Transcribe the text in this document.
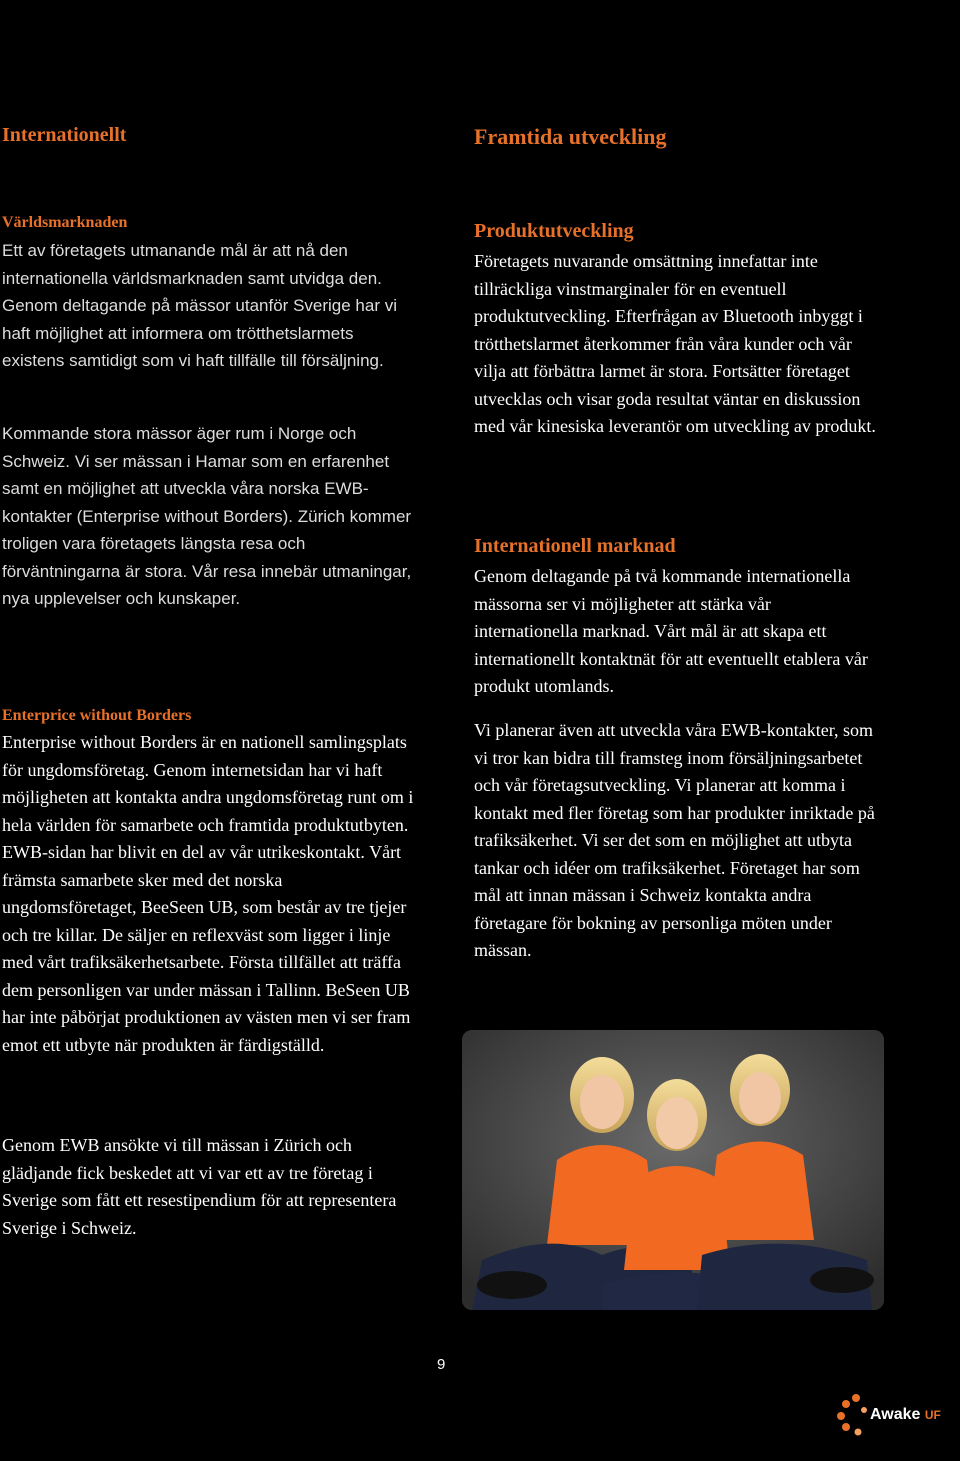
Internationellt
Världsmarknaden

Ett av företagets utmanande mål är att nå den internationella världsmarknaden samt utvidga den. Genom deltagande på mässor utanför Sverige har vi haft möjlighet att informera om trötthetslarmets existens samtidigt som vi haft tillfälle till försäljning.

Kommande stora mässor äger rum i Norge och Schweiz. Vi ser mässan i Hamar som en erfarenhet samt en möjlighet att utveckla våra norska EWB-kontakter (Enterprise without Borders). Zürich kommer troligen vara företagets längsta resa och förväntningarna är stora. Vår resa innebär utmaningar, nya upplevelser och kunskaper.

Enterprice without Borders

Enterprise without Borders är en nationell samlingsplats för ungdomsföretag. Genom internetsidan har vi haft möjligheten att kontakta andra ungdomsföretag runt om i hela världen för samarbete och framtida produktutbyten. EWB-sidan har blivit en del av vår utrikeskontakt. Vårt främsta samarbete sker med det norska ungdomsföretaget, BeeSeen UB, som består av tre tjejer och tre killar. De säljer en reflexväst som ligger i linje med vårt trafiksäkerhetsarbete. Första tillfället att träffa dem personligen var under mässan i Tallinn. BeSeen UB har inte påbörjat produktionen av västen men vi ser fram emot ett utbyte när produkten är färdigställd.

Genom EWB ansökte vi till mässan i Zürich och glädjande fick beskedet att vi var ett av tre företag i Sverige som fått ett resestipendium för att representera Sverige i Schweiz.

Framtida utveckling
Produktutveckling

Företagets nuvarande omsättning innefattar inte tillräckliga vinstmarginaler för en eventuell produktutveckling. Efterfrågan av Bluetooth inbyggt i trötthetslarmet återkommer från våra kunder och vår vilja att förbättra larmet är stora. Fortsätter företaget utvecklas och visar goda resultat väntar en diskussion med vår kinesiska leverantör om utveckling av produkt.

Internationell marknad

Genom deltagande på två kommande internationella mässorna ser vi möjligheter att stärka vår internationella marknad. Vårt mål är att skapa ett internationellt kontaktnät för att eventuellt etablera vår produkt utomlands.

Vi planerar även att utveckla våra EWB-kontakter, som vi tror kan bidra till framsteg inom försäljningsarbetet och vår företagsutveckling. Vi planerar att komma i kontakt med fler företag som har produkter inriktade på trafiksäkerhet. Vi ser det som en möjlighet att utbyta tankar och idéer om trafiksäkerhet. Företaget har som mål att innan mässan i Schweiz kontakta andra företagare för bokning av personliga möten under mässan.

9
Awake UF
